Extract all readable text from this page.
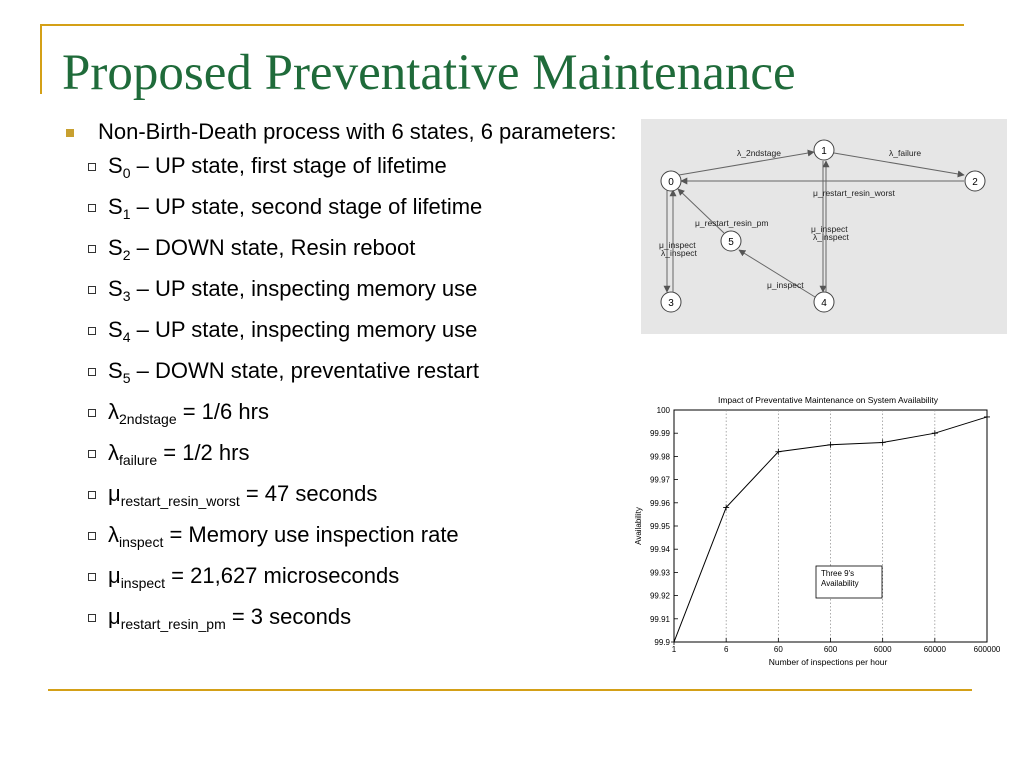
Proposed Preventative Maintenance
Non-Birth-Death process with 6 states, 6 parameters:
$S_0$ – UP state, first stage of lifetime
$S_1$ – UP state, second stage of lifetime
$S_2$ – DOWN state, Resin reboot
$S_3$ – UP state, inspecting memory use
$S_4$ – UP state, inspecting memory use
$S_5$ – DOWN state, preventative restart
$\lambda_{2ndstage} = 1/6$ hrs
$\lambda_{failure} = 1/2$ hrs
$\mu_{restart\_resin\_worst} = 47$ seconds
$\lambda_{inspect}$ = Memory use inspection rate
$\mu_{inspect} = 21,627$ microseconds
$\mu_{restart\_resin\_pm} = 3$ seconds
0
1
2
3	4
5
λ_2ndstage	λ_failure
μ_restart_resin_worst
μ_restart_resin_pm
μ_inspect
λ_inspect
μ_inspect
λ_inspect
μ_inspect
Impact of Preventative Maintenance on System Availability
Availability
Number of inspections per hour
99.9
99.91
99.92
99.93
99.94
99.95
99.96
99.97
99.98
99.99
100
1	6	60	600	6000	60000	600000
Three 9's
Availability
